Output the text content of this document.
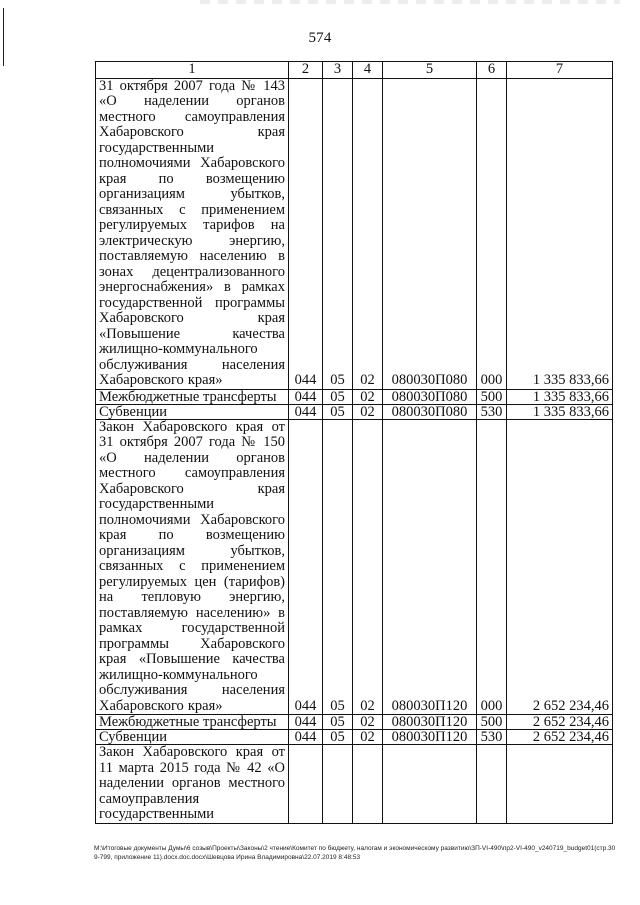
574
1	2	3	4	5	6	7

31 октября 2007 года № 143 «О наделении органов местного самоуправления Хабаровского края государственными полномочиями Хабаровского края по возмещению организациям убытков, связанных с применением регулируемых тарифов на электрическую энергию, поставляемую населению в зонах децентрализованного энергоснабжения» в рамках государственной программы Хабаровского края «Повышение качества жилищно-коммунального обслуживания населения Хабаровского края»	044	05	02	080030П080	000	1 335 833,66
Межбюджетные трансферты	044	05	02	080030П080	500	1 335 833,66
Субвенции	044	05	02	080030П080	530	1 335 833,66

Закон Хабаровского края от 31 октября 2007 года № 150 «О наделении органов местного самоуправления Хабаровского края государственными полномочиями Хабаровского края по возмещению организациям убытков, связанных с применением регулируемых цен (тарифов) на тепловую энергию, поставляемую населению» в рамках государственной программы Хабаровского края «Повышение качества жилищно-коммунального обслуживания населения Хабаровского края»	044	05	02	080030П120	000	2 652 234,46
Межбюджетные трансферты	044	05	02	080030П120	500	2 652 234,46
Субвенции	044	05	02	080030П120	530	2 652 234,46

Закон Хабаровского края от 11 марта 2015 года № 42 «О наделении органов местного самоуправления государственными						

M:\Итоговые документы Думы\6 созыв\Проекты\Законы\2 чтение\Комитет по бюджету, налогам и экономическому развитию\ЗП-VI-490\пр2-VI-490_v240719_budget01(стр.309-799, приложение 11).docx.doc.docx\Шевцова Ирина Владимировна\22.07.2019 8:48:53
